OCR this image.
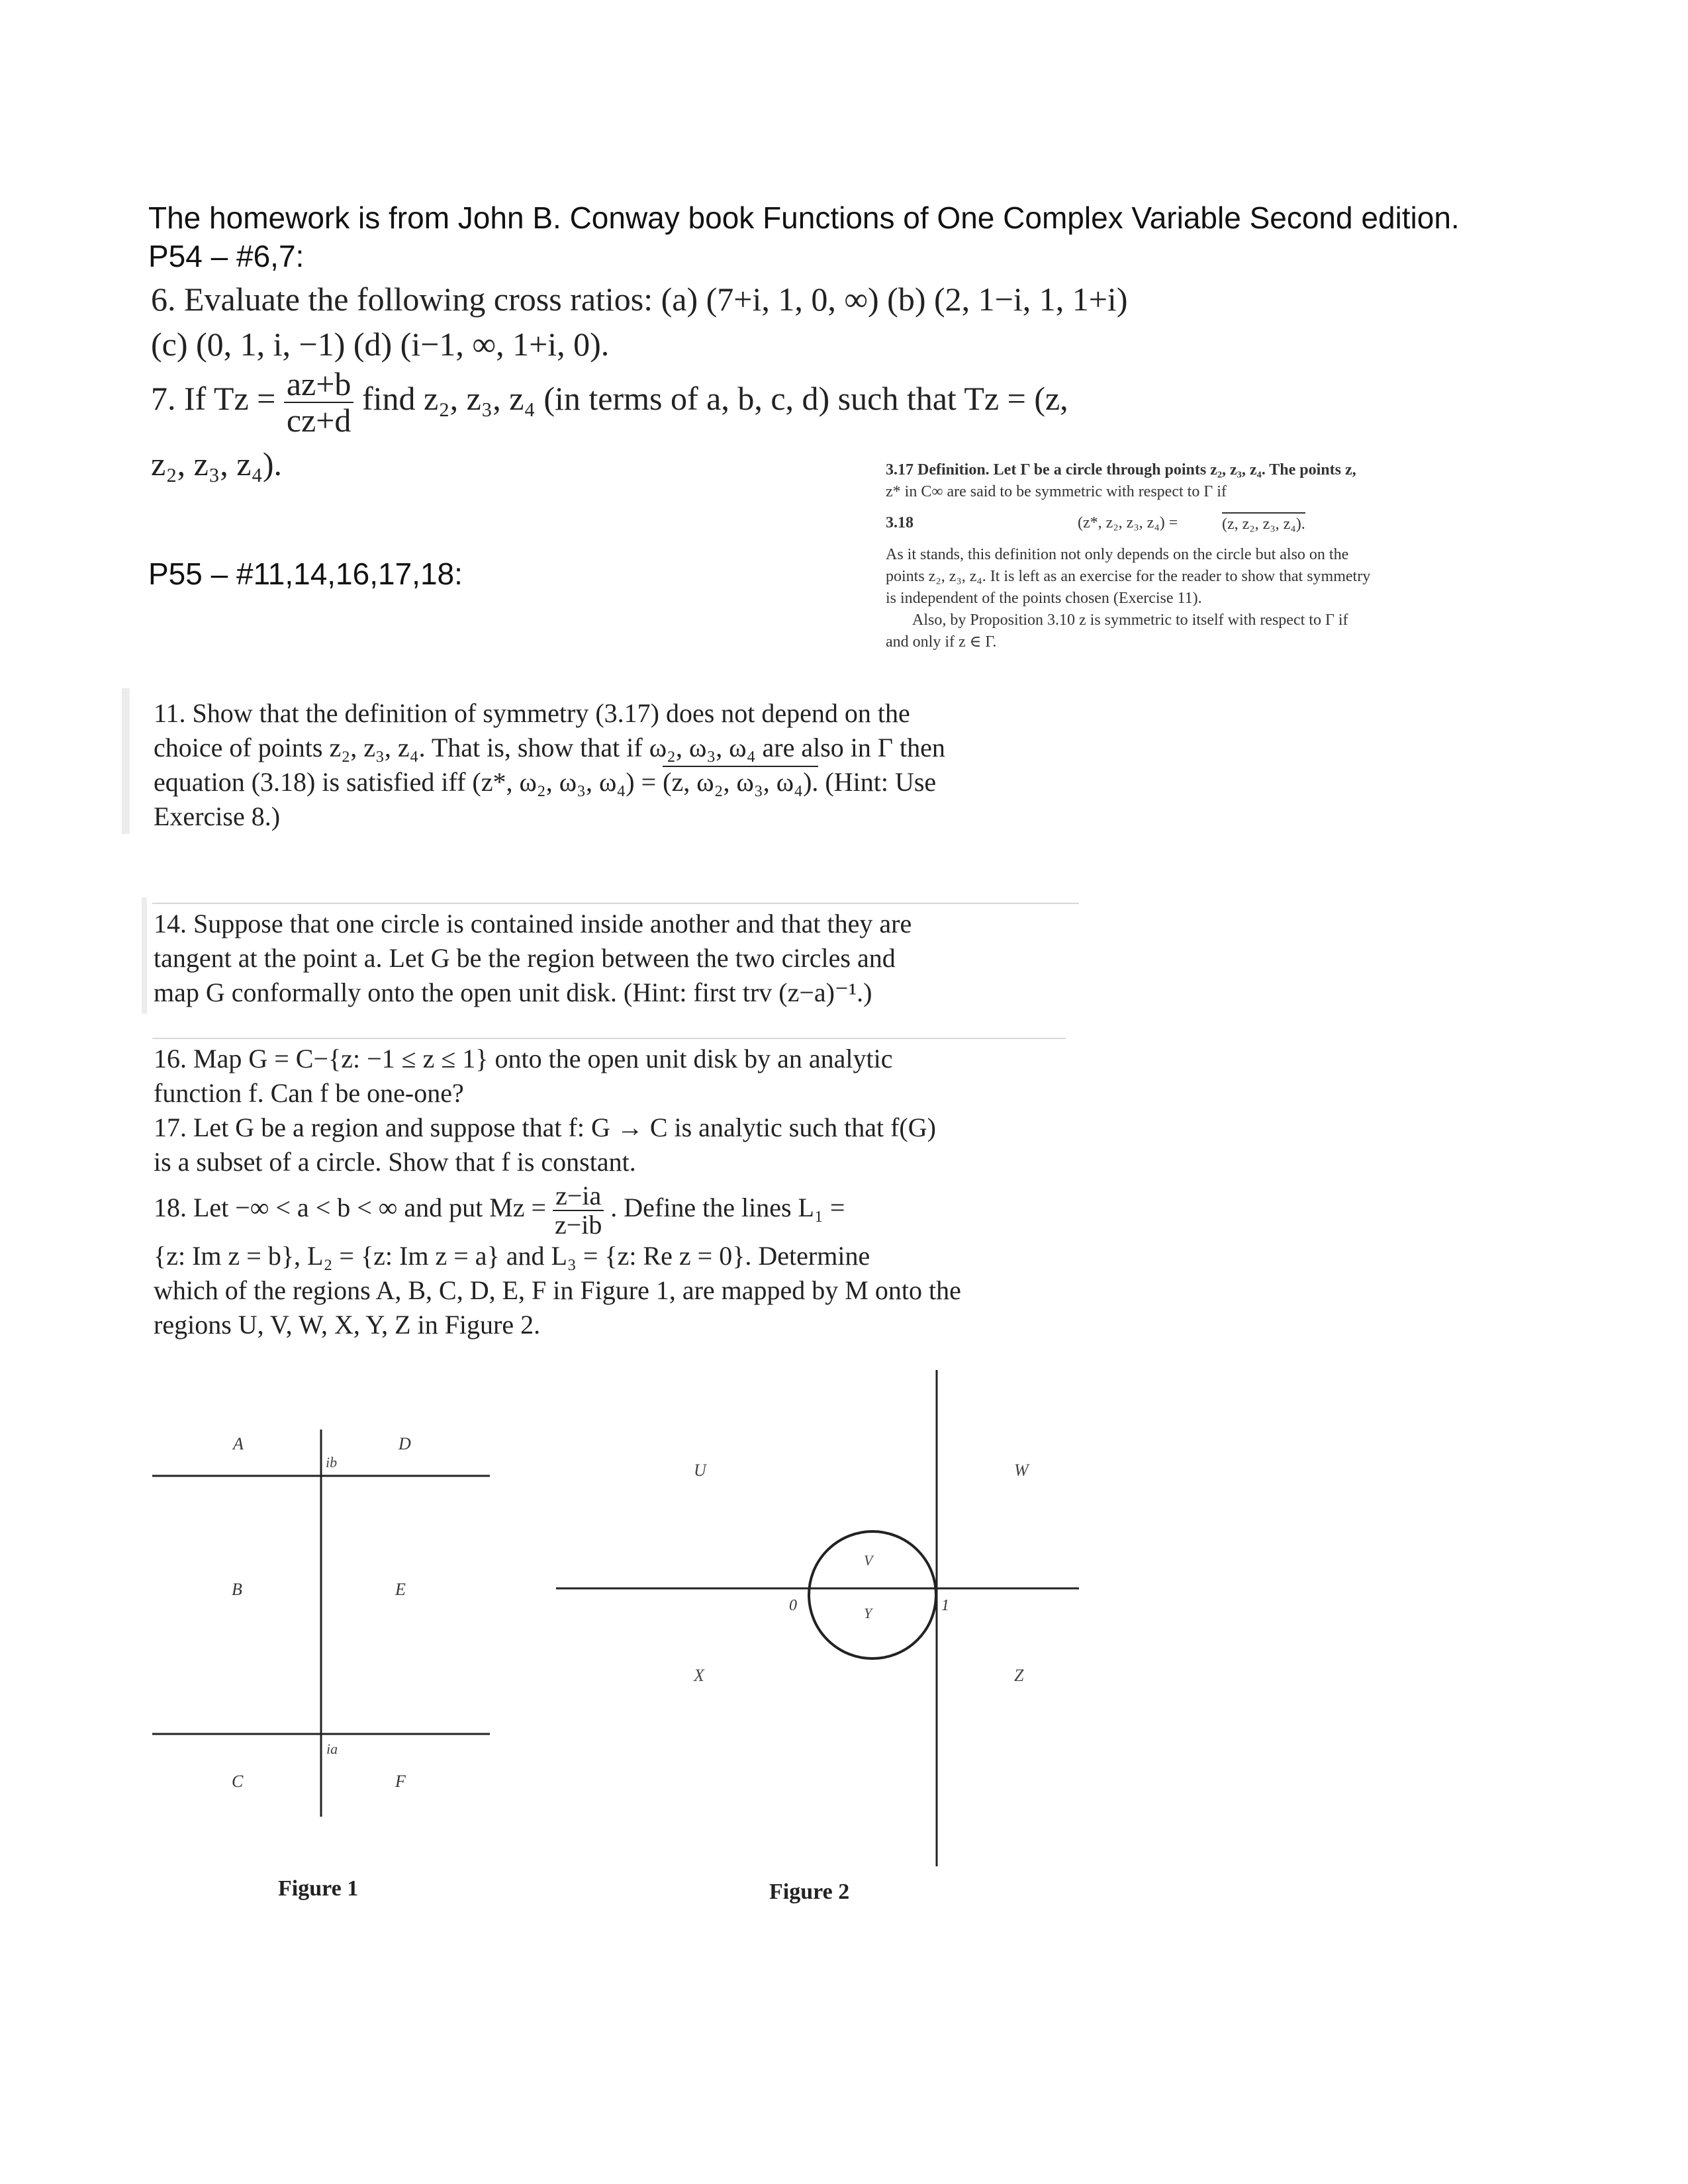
The homework is from John B. Conway book Functions of One Complex Variable Second edition.
P54 – #6,7:
6. Evaluate the following cross ratios: (a) (7+i, 1, 0, ∞) (b) (2, 1−i, 1, 1+i)
(c) (0, 1, i, −1) (d) (i−1, ∞, 1+i, 0).
7. If $Tz = \frac{az+b}{cz+d}$ find z₂, z₃, z₄ (in terms of a, b, c, d) such that Tz = (z,
z₂, z₃, z₄).	3.17 Definition. Let Γ be a circle through points z₂, z₃, z₄. The points z,
z* in C∞ are said to be symmetric with respect to Γ if
3.18	(z*, z₂, z₃, z₄) =	(z, z₂, z₃, z₄).
As it stands, this definition not only depends on the circle but also on the
points z₂, z₃, z₄. It is left as an exercise for the reader to show that symmetry
is independent of the points chosen (Exercise 11).
Also, by Proposition 3.10 z is symmetric to itself with respect to Γ if
and only if z ∈ Γ.
P55 – #11,14,16,17,18:
11. Show that the definition of symmetry (3.17) does not depend on the
choice of points z₂, z₃, z₄. That is, show that if ω₂, ω₃, ω₄ are also in Γ then
equation (3.18) is satisfied iff (z*, ω₂, ω₃, ω₄) = (z, ω₂, ω₃, ω₄). (Hint: Use
Exercise 8.)
14. Suppose that one circle is contained inside another and that they are
tangent at the point a. Let G be the region between the two circles and
map G conformally onto the open unit disk. (Hint: first trv (z−a)⁻¹.)
16. Map G = C−{z: −1 ≤ z ≤ 1} onto the open unit disk by an analytic
function f. Can f be one-one?
17. Let G be a region and suppose that f: G → C is analytic such that f(G)
is a subset of a circle. Show that f is constant.
18. Let −∞ < a < b < ∞ and put $Mz = \frac{z-ia}{z-ib}$ . Define the lines L₁ =
{z: Im z = b}, L₂ = {z: Im z = a} and L₃ = {z: Re z = 0}. Determine
which of the regions A, B, C, D, E, F in Figure 1, are mapped by M onto the
regions U, V, W, X, Y, Z in Figure 2.
A	D
ib
B	E
ia
C	F
Figure 1
U	W
V
Y
0	1
X	Z
Figure 2
